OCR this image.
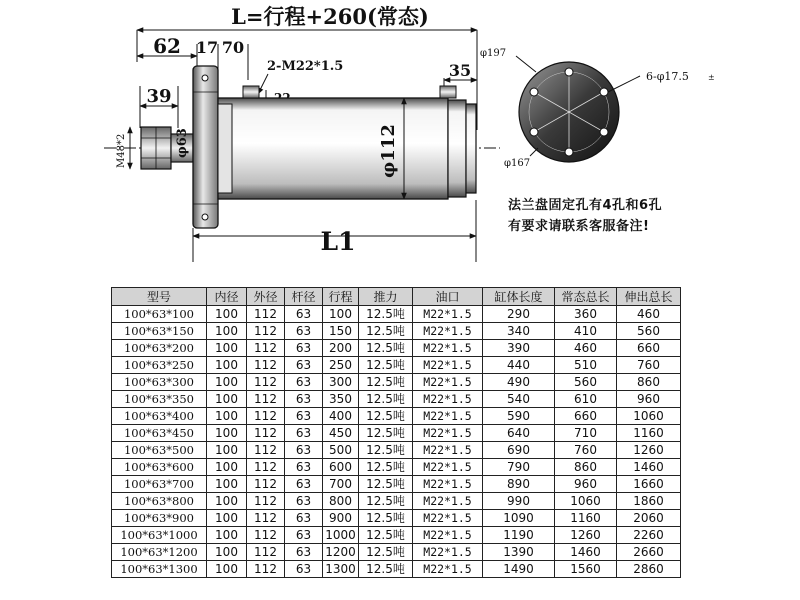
L=行程+260(常态)
62 17 70
2-M22*1.5	35
39
M48*2	φ63	φ112
L1
φ197
6-φ17.5 ±
φ167
法兰盘固定孔有4孔和6孔
有要求请联系客服备注!
型号	内径	外径	杆径	行程	推力	油口	缸体长度	常态总长	伸出总长
100*63*100	100	112	63	100	12.5吨	M22*1.5	290	360	460
100*63*150	100	112	63	150	12.5吨	M22*1.5	340	410	560
100*63*200	100	112	63	200	12.5吨	M22*1.5	390	460	660
100*63*250	100	112	63	250	12.5吨	M22*1.5	440	510	760
100*63*300	100	112	63	300	12.5吨	M22*1.5	490	560	860
100*63*350	100	112	63	350	12.5吨	M22*1.5	540	610	960
100*63*400	100	112	63	400	12.5吨	M22*1.5	590	660	1060
100*63*450	100	112	63	450	12.5吨	M22*1.5	640	710	1160
100*63*500	100	112	63	500	12.5吨	M22*1.5	690	760	1260
100*63*600	100	112	63	600	12.5吨	M22*1.5	790	860	1460
100*63*700	100	112	63	700	12.5吨	M22*1.5	890	960	1660
100*63*800	100	112	63	800	12.5吨	M22*1.5	990	1060	1860
100*63*900	100	112	63	900	12.5吨	M22*1.5	1090	1160	2060
100*63*1000	100	112	63	1000	12.5吨	M22*1.5	1190	1260	2260
100*63*1200	100	112	63	1200	12.5吨	M22*1.5	1390	1460	2660
100*63*1300	100	112	63	1300	12.5吨	M22*1.5	1490	1560	2860
